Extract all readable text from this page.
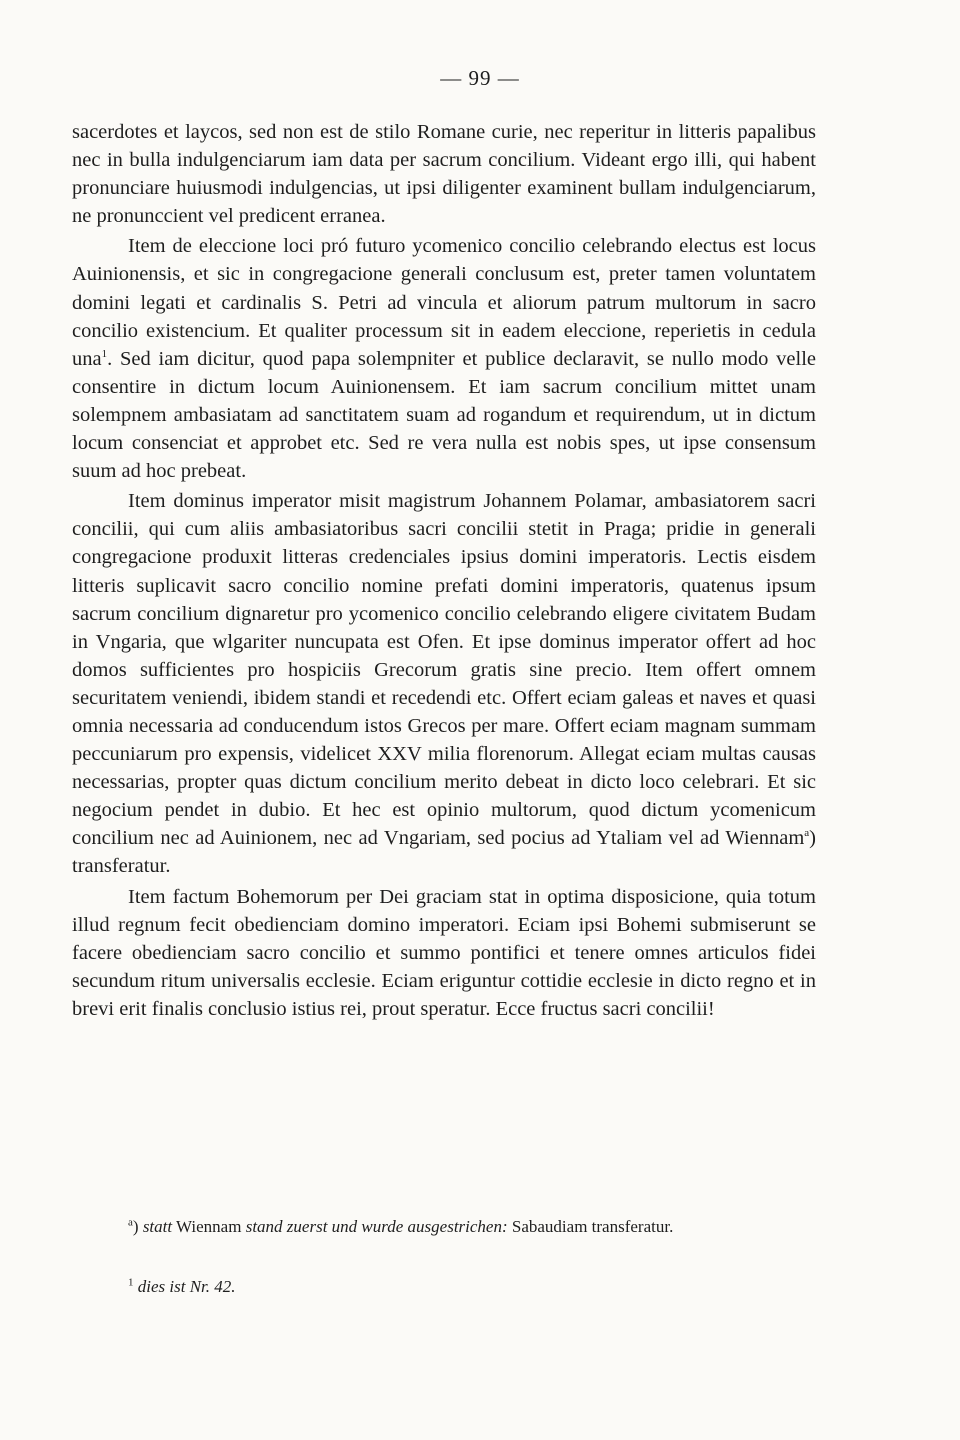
— 99 —

sacerdotes et laycos, sed non est de stilo Romane curie, nec reperitur in litteris papalibus nec in bulla indulgenciarum iam data per sacrum concilium. Videant ergo illi, qui habent pronunciare huiusmodi indulgencias, ut ipsi diligenter examinent bullam indulgenciarum, ne pronunccient vel predicent erranea.

Item de eleccione loci pró futuro ycomenico concilio celebrando electus est locus Auinionensis, et sic in congregacione generali conclusum est, preter tamen voluntatem domini legati et cardinalis S. Petri ad vincula et aliorum patrum multorum in sacro concilio existencium. Et qualiter processum sit in eadem eleccione, reperietis in cedula una$^1$. Sed iam dicitur, quod papa solempniter et publice declaravit, se nullo modo velle consentire in dictum locum Auinionensem. Et iam sacrum concilium mittet unam solempnem ambasiatam ad sanctitatem suam ad rogandum et requirendum, ut in dictum locum consenciat et approbet etc. Sed re vera nulla est nobis spes, ut ipse consensum suum ad hoc prebeat.

Item dominus imperator misit magistrum Johannem Polamar, ambasiatorem sacri concilii, qui cum aliis ambasiatoribus sacri concilii stetit in Praga; pridie in generali congregacione produxit litteras credenciales ipsius domini imperatoris. Lectis eisdem litteris suplicavit sacro concilio nomine prefati domini imperatoris, quatenus ipsum sacrum concilium dignaretur pro ycomenico concilio celebrando eligere civitatem Budam in Vngaria, que wlgariter nuncupata est Ofen. Et ipse dominus imperator offert ad hoc domos sufficientes pro hospiciis Grecorum gratis sine precio. Item offert omnem securitatem veniendi, ibidem standi et recedendi etc. Offert eciam galeas et naves et quasi omnia necessaria ad conducendum istos Grecos per mare. Offert eciam magnam summam peccuniarum pro expensis, videlicet XXV milia florenorum. Allegat eciam multas causas necessarias, propter quas dictum concilium merito debeat in dicto loco celebrari. Et sic negocium pendet in dubio. Et hec est opinio multorum, quod dictum ycomenicum concilium nec ad Auinionem, nec ad Vngariam, sed pocius ad Ytaliam vel ad Wiennam$^a$) transferatur.

Item factum Bohemorum per Dei graciam stat in optima disposicione, quia totum illud regnum fecit obedienciam domino imperatori. Eciam ipsi Bohemi submiserunt se facere obedienciam sacro concilio et summo pontifici et tenere omnes articulos fidei secundum ritum universalis ecclesie. Eciam eriguntur cottidie ecclesie in dicto regno et in brevi erit finalis conclusio istius rei, prout speratur. Ecce fructus sacri concilii!

$^a$) statt Wiennam stand zuerst und wurde ausgestrichen: Sabaudiam transferatur.

$^1$ dies ist Nr. 42.
